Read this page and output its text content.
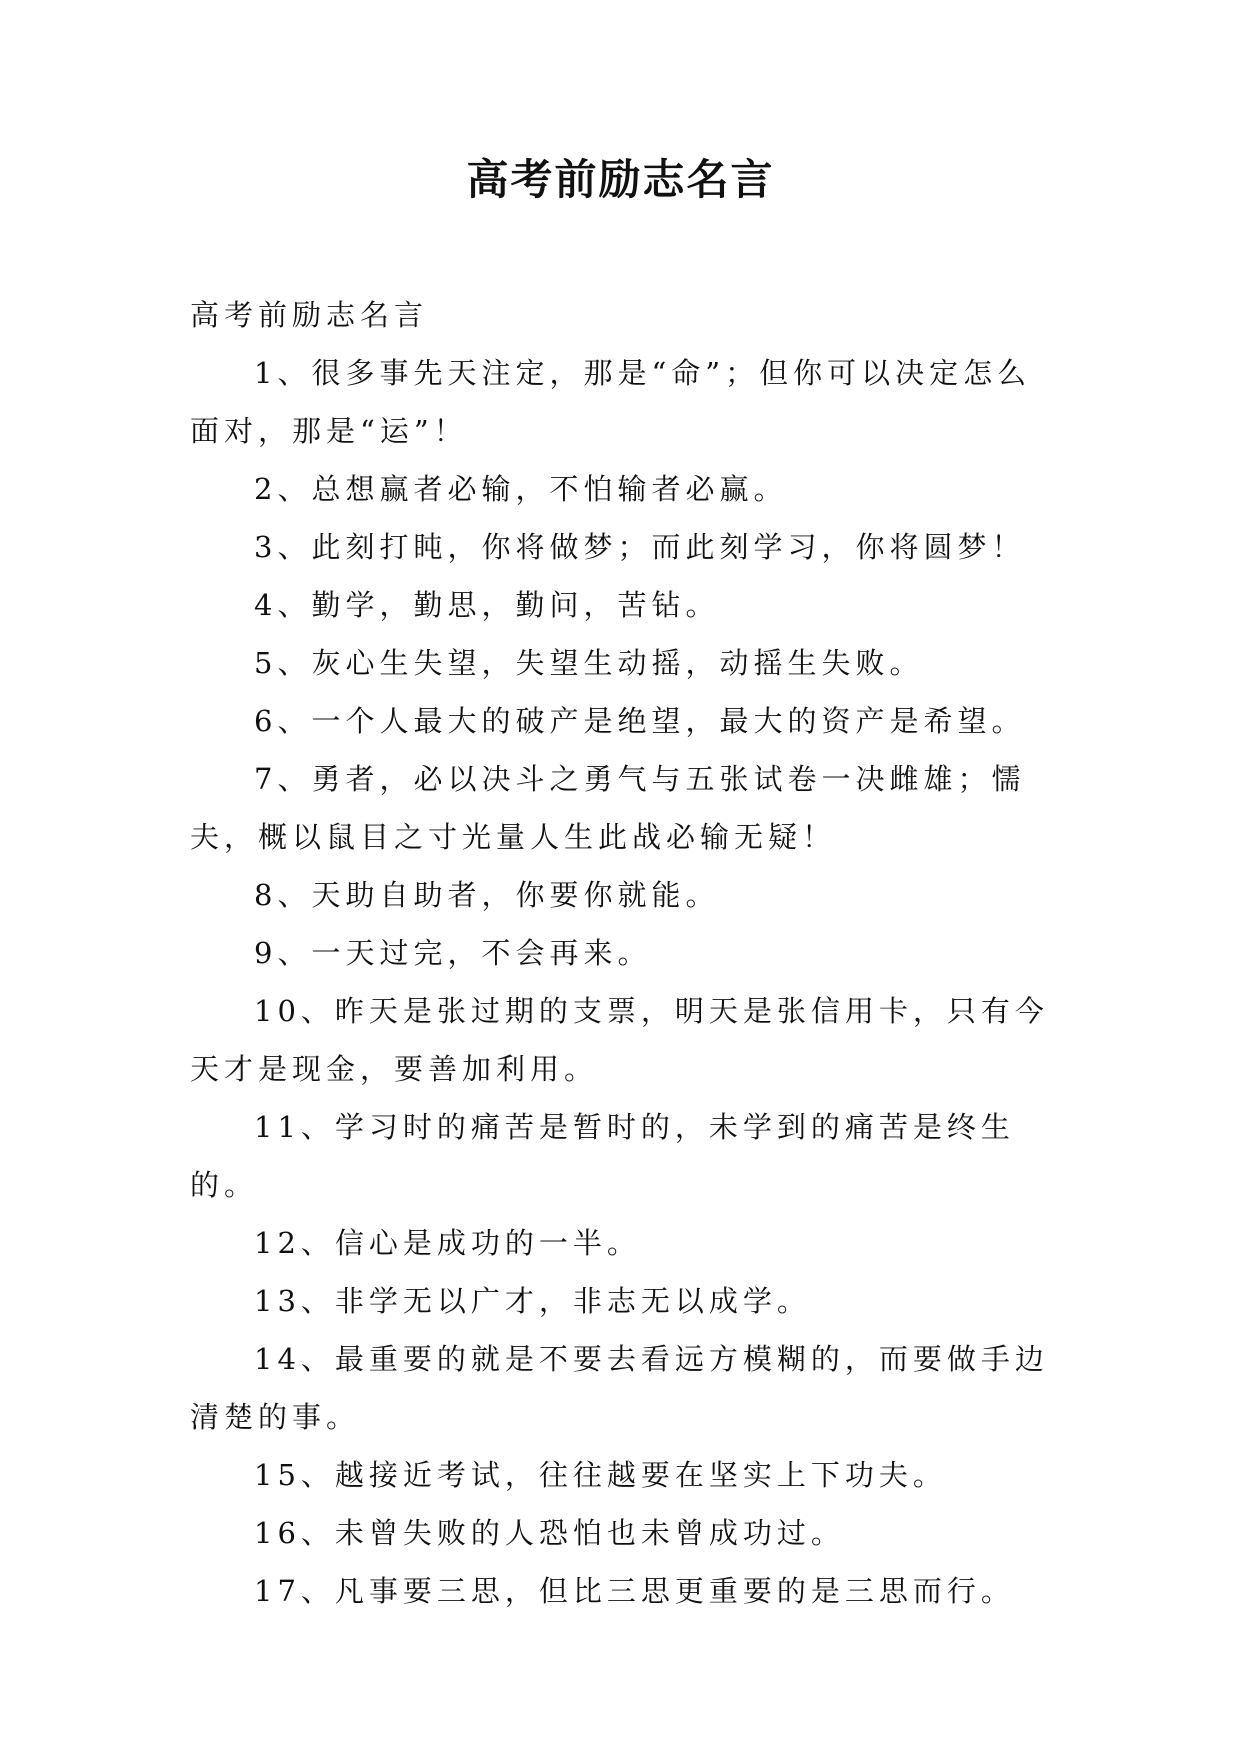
高考前励志名言

高考前励志名言

1、很多事先天注定，那是“命”；但你可以决定怎么面对，那是“运”！

2、总想赢者必输，不怕输者必赢。

3、此刻打盹，你将做梦；而此刻学习，你将圆梦！

4、勤学，勤思，勤问，苦钻。

5、灰心生失望，失望生动摇，动摇生失败。

6、一个人最大的破产是绝望，最大的资产是希望。

7、勇者，必以决斗之勇气与五张试卷一决雌雄；懦夫，概以鼠目之寸光量人生此战必输无疑！

8、天助自助者，你要你就能。

9、一天过完，不会再来。

10、昨天是张过期的支票，明天是张信用卡，只有今天才是现金，要善加利用。

11、学习时的痛苦是暂时的，未学到的痛苦是终生的。

12、信心是成功的一半。

13、非学无以广才，非志无以成学。

14、最重要的就是不要去看远方模糊的，而要做手边清楚的事。

15、越接近考试，往往越要在坚实上下功夫。

16、未曾失败的人恐怕也未曾成功过。

17、凡事要三思，但比三思更重要的是三思而行。
